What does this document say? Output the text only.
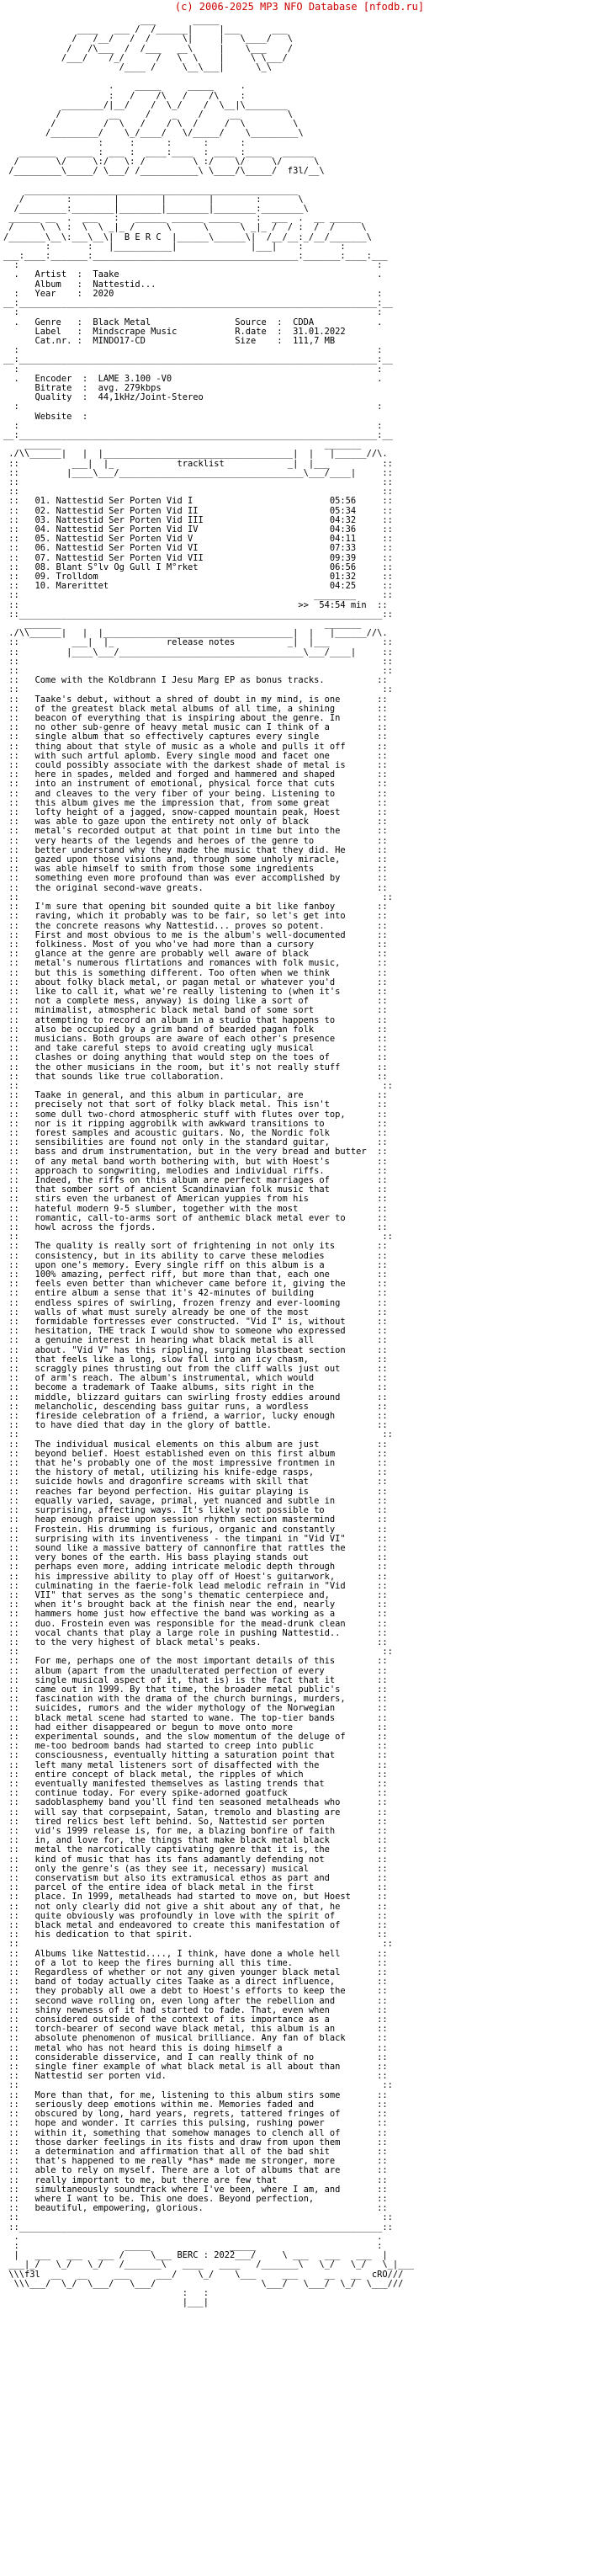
(c) 2006-2025 MP3 NFO Database [nfodb.ru]
___       _____
____   ___ /  /______|     |___      ___
/   /__/   /  /      \|     |   \____/   \
/   /\___  /  /___   __\     |    \___    /
/___/    /_/      /   \  \    |     \ \___/
/____ /     \__\___|      \_\

.    _____     _____     .
:   /    /\   /    /\    :
________/|__/    /  \_/    /  \__|\________
/         __     /    _    /     __         \
/         /  \   /    / \  /     /  \         \
/_________/    \_/____/   \/_____/    \_________\
:     :      :      :      :
_______  _____ : ___ :  ____:____  : ____ :_____  ______
/       \/     \:/   \: /         \ :/    \/     \/      \
/_________\_____/ \___/ /___________\ \____/\_____/  f3l/__\

____________________________________________________
/        :        |        |        |        :       \
/_________:________|________|________|________:________\
______ __  .  ___   :   ______ ______ ______   :  ___  .  __ ______
/     \  \ :  \  \ _|_ /      \      \      \ _|_ /  / :  /  /     \
/_______\__\:___\__\|  B E R C  |______\______\|  /__/__:_/__/_______\
:       :   |___________|              |___|    :       :
___:____:_______:_______________________________________:_______:____:___
:                                                                    :
.   Artist  :  Taake                                                 .
Album   :  Nattestid...
:   Year    :  2020                                                  :
__:____________________________________________________________________:__
:                                                                    :
.   Genre   :  Black Metal                Source  :  CDDA            .
Label   :  Mindscrape Music           R.date  :  31.01.2022
Cat.nr. :  MINDO17-CD                 Size    :  111,7 MB
:                                                                    :
__:____________________________________________________________________:__
:                                                                    :
.   Encoder  :  LAME 3.100 -V0                                       .
Bitrate  :  avg. 279kbps
Quality  :  44,1kHz/Joint-Stereo
:                                                                    :
Website  :
:                                                                    :
__:____________________________________________________________________:__
_______                                                  _______
./\\______|   |  |____________________________________|  |   |______//\.
::          ___|  |_            tracklist            _|  |___          ::
::         |____\___/___________________________________\___/____|     ::
::                                                                     ::
::                                                                     ::
::   01. Nattestid Ser Porten Vid I                          05:56     ::
::   02. Nattestid Ser Porten Vid II                         05:34     ::
::   03. Nattestid Ser Porten Vid III                        04:32     ::
::   04. Nattestid Ser Porten Vid IV                         04:36     ::
::   05. Nattestid Ser Porten Vid V                          04:11     ::
::   06. Nattestid Ser Porten Vid VI                         07:33     ::
::   07. Nattestid Ser Porten Vid VII                        09:39     ::
::   08. Blant S°lv Og Gull I M°rket                         06:56     ::
::   09. Trolldom                                            01:32     ::
::   10. Marerittet                                          04:25     ::
::                                                        ________     ::
::                                                     >>  54:54 min  ::
::_____________________________________________________________________::
_______                                                  _______
./\\______|   |  |____________________________________|  |   |______//\.
::          ___|  |_          release notes          _|  |___          ::
::         |____\___/___________________________________\___/____|     ::
::                                                                     ::
::                                                                     ::
::   Come with the Koldbrann I Jesu Marg EP as bonus tracks.          ::
::                                                                     ::
::   Taake's debut, without a shred of doubt in my mind, is one       ::
::   of the greatest black metal albums of all time, a shining        ::
::   beacon of everything that is inspiring about the genre. In       ::
::   no other sub-genre of heavy metal music can I think of a         ::
::   single album that so effectively captures every single           ::
::   thing about that style of music as a whole and pulls it off      ::
::   with such artful aplomb. Every single mood and facet one         ::
::   could possibly associate with the darkest shade of metal is      ::
::   here in spades, melded and forged and hammered and shaped        ::
::   into an instrument of emotional, physical force that cuts        ::
::   and cleaves to the very fiber of your being. Listening to        ::
::   this album gives me the impression that, from some great         ::
::   lofty height of a jagged, snow-capped mountain peak, Hoest       ::
::   was able to gaze upon the entirety not only of black             ::
::   metal's recorded output at that point in time but into the       ::
::   very hearts of the legends and heroes of the genre to            ::
::   better understand why they made the music that they did. He      ::
::   gazed upon those visions and, through some unholy miracle,       ::
::   was able himself to smith from those some ingredients            ::
::   something even more profound than was ever accomplished by       ::
::   the original second-wave greats.                                 ::
::                                                                     ::
::   I'm sure that opening bit sounded quite a bit like fanboy        ::
::   raving, which it probably was to be fair, so let's get into      ::
::   the concrete reasons why Nattestid... proves so potent.          ::
::   First and most obvious to me is the album's well-documented      ::
::   folkiness. Most of you who've had more than a cursory            ::
::   glance at the genre are probably well aware of black             ::
::   metal's numerous flirtations and romances with folk music,       ::
::   but this is something different. Too often when we think         ::
::   about folky black metal, or pagan metal or whatever you'd        ::
::   like to call it, what we're really listening to (when it's       ::
::   not a complete mess, anyway) is doing like a sort of             ::
::   minimalist, atmospheric black metal band of some sort            ::
::   attempting to record an album in a studio that happens to        ::
::   also be occupied by a grim band of bearded pagan folk            ::
::   musicians. Both groups are aware of each other's presence        ::
::   and take careful steps to avoid creating ugly musical            ::
::   clashes or doing anything that would step on the toes of         ::
::   the other musicians in the room, but it's not really stuff       ::
::   that sounds like true collaboration.                             ::
::                                                                     ::
::   Taake in general, and this album in particular, are              ::
::   precisely not that sort of folky black metal. This isn't         ::
::   some dull two-chord atmospheric stuff with flutes over top,      ::
::   nor is it ripping aggrobilk with awkward transitions to          ::
::   forest samples and acoustic guitars. No, the Nordic folk         ::
::   sensibilities are found not only in the standard guitar,         ::
::   bass and drum instrumentation, but in the very bread and butter  ::
::   of any metal band worth bothering with, but with Hoest's         ::
::   approach to songwriting, melodies and individual riffs.          ::
::   Indeed, the riffs on this album are perfect marriages of         ::
::   that somber sort of ancient Scandinavian folk music that         ::
::   stirs even the urbanest of American yuppies from his             ::
::   hateful modern 9-5 slumber, together with the most               ::
::   romantic, call-to-arms sort of anthemic black metal ever to      ::
::   howl across the fjords.                                          ::
::                                                                     ::
::   The quality is really sort of frightening in not only its        ::
::   consistency, but in its ability to carve these melodies          ::
::   upon one's memory. Every single riff on this album is a          ::
::   100% amazing, perfect riff, but more than that, each one         ::
::   feels even better than whichever came before it, giving the      ::
::   entire album a sense that it's 42-minutes of building            ::
::   endless spires of swirling, frozen frenzy and ever-looming       ::
::   walls of what must surely already be one of the most             ::
::   formidable fortresses ever constructed. "Vid I" is, without      ::
::   hesitation, THE track I would show to someone who expressed      ::
::   a genuine interest in hearing what black metal is all            ::
::   about. "Vid V" has this rippling, surging blastbeat section      ::
::   that feels like a long, slow fall into an icy chasm,             ::
::   scraggly pines thrusting out from the cliff walls just out       ::
::   of arm's reach. The album's instrumental, which would            ::
::   become a trademark of Taake albums, sits right in the            ::
::   middle, blizzard guitars can swirling frosty eddies around       ::
::   melancholic, descending bass guitar runs, a wordless             ::
::   fireside celebration of a friend, a warrior, lucky enough        ::
::   to have died that day in the glory of battle.                    ::
::                                                                     ::
::   The individual musical elements on this album are just           ::
::   beyond belief. Hoest established even on this first album        ::
::   that he's probably one of the most impressive frontmen in        ::
::   the history of metal, utilizing his knife-edge rasps,            ::
::   suicide howls and dragonfire screams with skill that             ::
::   reaches far beyond perfection. His guitar playing is             ::
::   equally varied, savage, primal, yet nuanced and subtle in        ::
::   surprising, affecting ways. It's likely not possible to          ::
::   heap enough praise upon session rhythm section mastermind        ::
::   Frostein. His drumming is furious, organic and constantly        ::
::   surprising with its inventiveness - the timpani in "Vid VI"      ::
::   sound like a massive battery of cannonfire that rattles the      ::
::   very bones of the earth. His bass playing stands out             ::
::   perhaps even more, adding intricate melodic depth through        ::
::   his impressive ability to play off of Hoest's guitarwork,        ::
::   culminating in the faerie-folk lead melodic refrain in "Vid      ::
::   VII" that serves as the song's thematic centerpiece and,         ::
::   when it's brought back at the finish near the end, nearly        ::
::   hammers home just how effective the band was working as a        ::
::   duo. Frostein even was responsible for the mead-drunk clean      ::
::   vocal chants that play a large role in pushing Nattestid..       ::
::   to the very highest of black metal's peaks.                      ::
::                                                                     ::
::   For me, perhaps one of the most important details of this        ::
::   album (apart from the unadulterated perfection of every          ::
::   single musical aspect of it, that is) is the fact that it        ::
::   came out in 1999. By that time, the broader metal public's       ::
::   fascination with the drama of the church burnings, murders,      ::
::   suicides, rumors and the wider mythology of the Norwegian        ::
::   black metal scene had started to wane. The top-tier bands        ::
::   had either disappeared or begun to move onto more                ::
::   experimental sounds, and the slow momentum of the deluge of      ::
::   me-too bedroom bands had started to creep into public            ::
::   consciousness, eventually hitting a saturation point that        ::
::   left many metal listeners sort of disaffected with the           ::
::   entire concept of black metal, the ripples of which              ::
::   eventually manifested themselves as lasting trends that          ::
::   continue today. For every spike-adorned goatfuck                 ::
::   sadoblasphemy band you'll find ten seasoned metalheads who       ::
::   will say that corpsepaint, Satan, tremolo and blasting are       ::
::   tired relics best left behind. So, Nattestid ser porten          ::
::   vid's 1999 release is, for me, a blazing bonfire of faith        ::
::   in, and love for, the things that make black metal black         ::
::   metal the narcotically captivating genre that it is, the         ::
::   kind of music that has its fans adamantly defending not          ::
::   only the genre's (as they see it, necessary) musical             ::
::   conservatism but also its extramusical ethos as part and         ::
::   parcel of the entire idea of black metal in the first            ::
::   place. In 1999, metalheads had started to move on, but Hoest     ::
::   not only clearly did not give a shit about any of that, he       ::
::   quite obviously was profoundly in love with the spirit of        ::
::   black metal and endeavored to create this manifestation of       ::
::   his dedication to that spirit.                                   ::
::                                                                     ::
::   Albums like Nattestid...., I think, have done a whole hell       ::
::   of a lot to keep the fires burning all this time.                ::
::   Regardless of whether or not any given younger black metal       ::
::   band of today actually cites Taake as a direct influence,        ::
::   they probably all owe a debt to Hoest's efforts to keep the      ::
::   second wave rolling on, even long after the rebellion and        ::
::   shiny newness of it had started to fade. That, even when         ::
::   considered outside of the context of its importance as a         ::
::   torch-bearer of second wave black metal, this album is an        ::
::   absolute phenomenon of musical brilliance. Any fan of black      ::
::   metal who has not heard this is doing himself a                  ::
::   considerable disservice, and I can really think of no            ::
::   single finer example of what black metal is all about than       ::
::   Nattestid ser porten vid.                                        ::
::                                                                     ::
::   More than that, for me, listening to this album stirs some       ::
::   seriously deep emotions within me. Memories faded and            ::
::   obscured by long, hard years, regrets, tattered fringes of       ::
::   hope and wonder. It carries this pulsing, rushing power          ::
::   within it, something that somehow manages to clench all of       ::
::   those darker feelings in its fists and draw from upon them       ::
::   a determination and affirmation that all of the bad shit         ::
::   that's happened to me really *has* made me stronger, more        ::
::   able to rely on myself. There are a lot of albums that are       ::
::   really important to me, but there are few that                   ::
::   simultaneously soundtrack where I've been, where I am, and       ::
::   where I want to be. This one does. Beyond perfection,            ::
::   beautiful, empowering, glorious.                                 ::
::                                                                     ::
::_____________________________________________________________________::
.                                                                    .
:                    _____               _____                       :
|   ___   ___   ___ /     \___ BERC : 2022___/     \ ___   ___   ___  |
___|_/   \_/   \_/   /_______\   ____   ____   /_______\   \_/   \_/   \_|___
\\\f3l  __   __     ___     ___/    \_/    \___     ___     __   __  cRO///
\\\___/  \_/  \___/   \___/                    \___/   \___/  \_/  \___///
:   :
|___|
